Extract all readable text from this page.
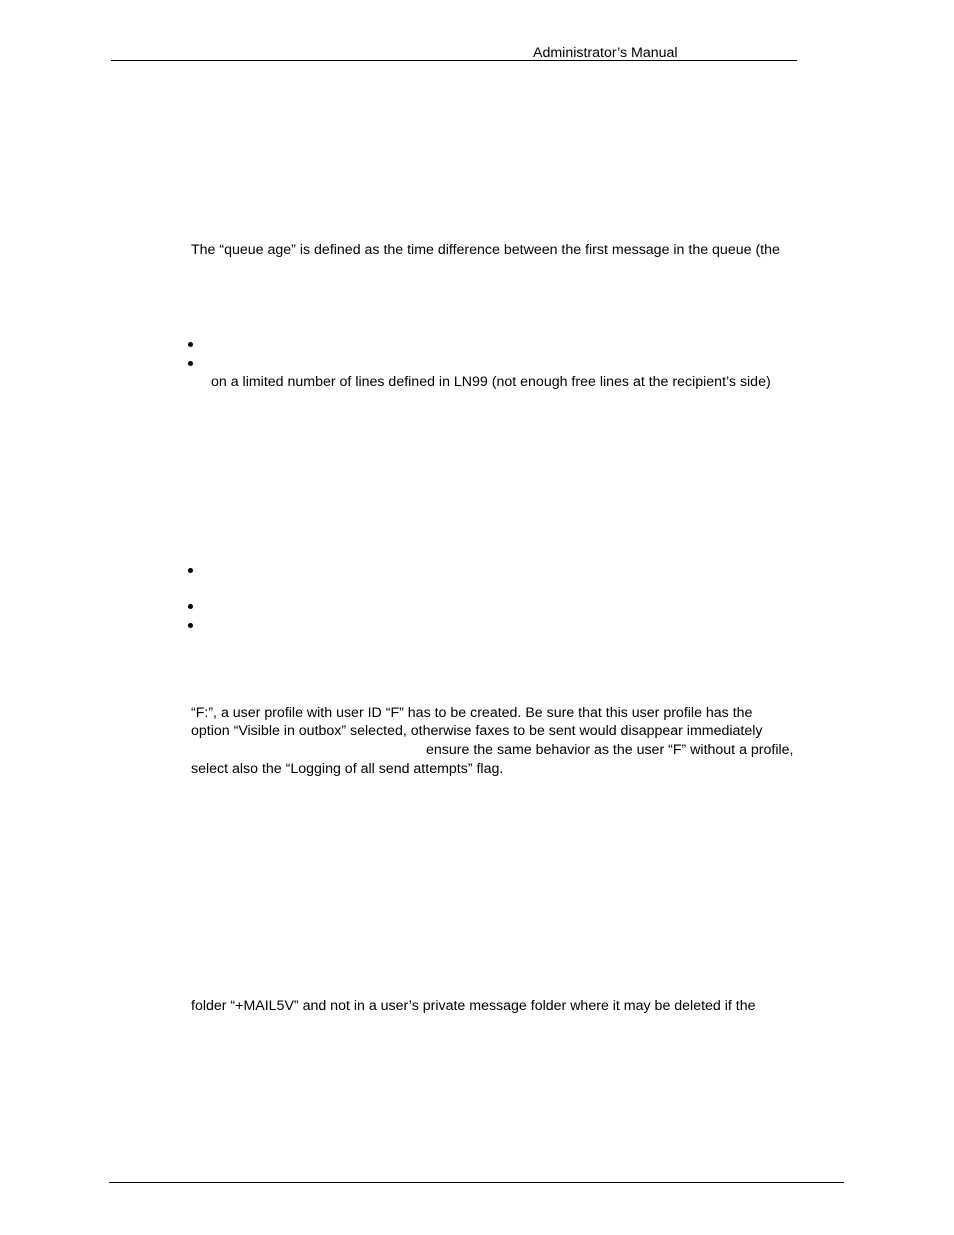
Administrator’s Manual
The “queue age” is defined as the time difference between the first message in the queue (the
on a limited number of lines defined in LN99 (not enough free lines at the recipient’s side)
“F:”, a user profile with user ID “F” has to be created. Be sure that this user profile has the
option “Visible in outbox” selected, otherwise faxes to be sent would disappear immediately
ensure the same behavior as the user “F” without a profile,
select also the “Logging of all send attempts” flag.
folder “+MAIL5V” and not in a user’s private message folder where it may be deleted if the
